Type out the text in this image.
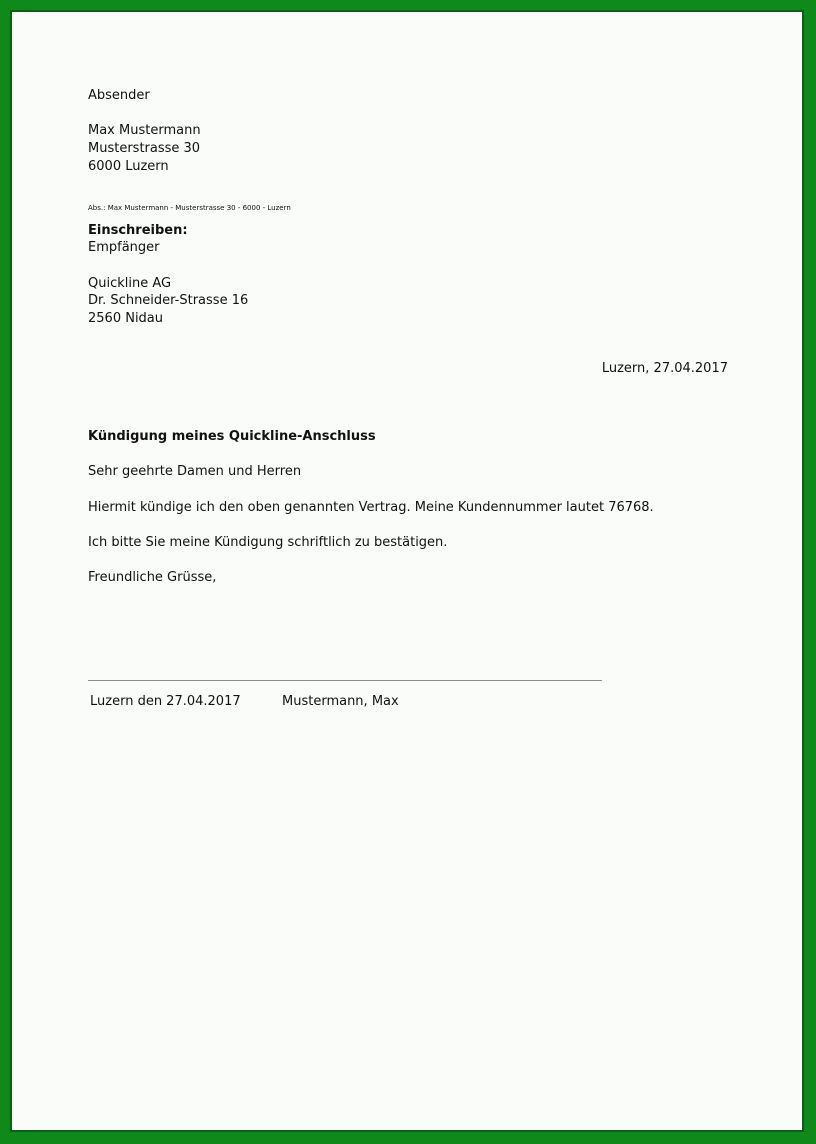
Absender
Max Mustermann
Musterstrasse 30
6000 Luzern
Abs.: Max Mustermann - Musterstrasse 30 - 6000 - Luzern
Einschreiben:
Empfänger
Quickline AG
Dr. Schneider-Strasse 16
2560 Nidau
Luzern, 27.04.2017
Kündigung meines Quickline-Anschluss
Sehr geehrte Damen und Herren
Hiermit kündige ich den oben genannten Vertrag. Meine Kundennummer lautet 76768.
Ich bitte Sie meine Kündigung schriftlich zu bestätigen.
Freundliche Grüsse,
Luzern den 27.04.2017	Mustermann, Max
